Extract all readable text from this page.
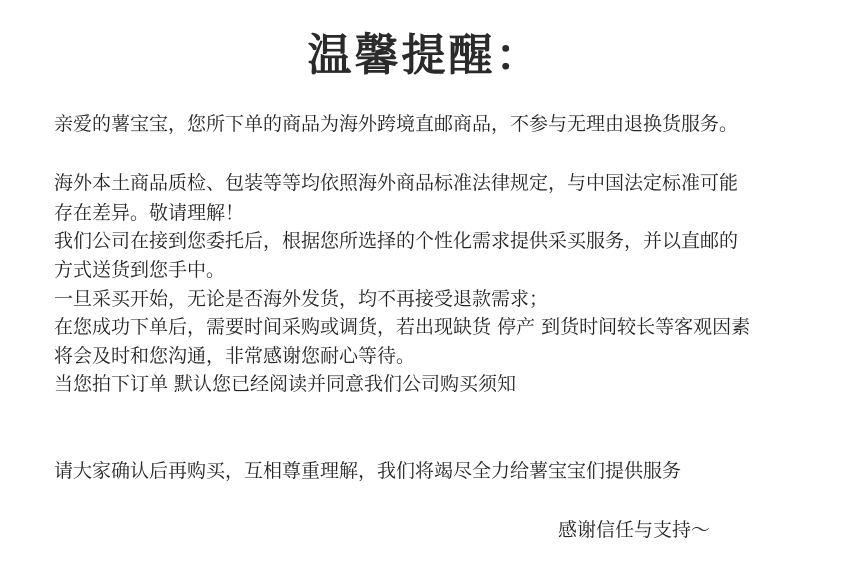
温馨提醒：
亲爱的薯宝宝，您所下单的商品为海外跨境直邮商品，不参与无理由退换货服务。
海外本土商品质检、包装等等均依照海外商品标准法律规定，与中国法定标准可能
存在差异。敬请理解！
我们公司在接到您委托后，根据您所选择的个性化需求提供采买服务，并以直邮的
方式送货到您手中。
一旦采买开始，无论是否海外发货，均不再接受退款需求；
在您成功下单后，需要时间采购或调货，若出现缺货 停产 到货时间较长等客观因素
将会及时和您沟通，非常感谢您耐心等待。
当您拍下订单 默认您已经阅读并同意我们公司购买须知
请大家确认后再购买，互相尊重理解，我们将竭尽全力给薯宝宝们提供服务
感谢信任与支持～
